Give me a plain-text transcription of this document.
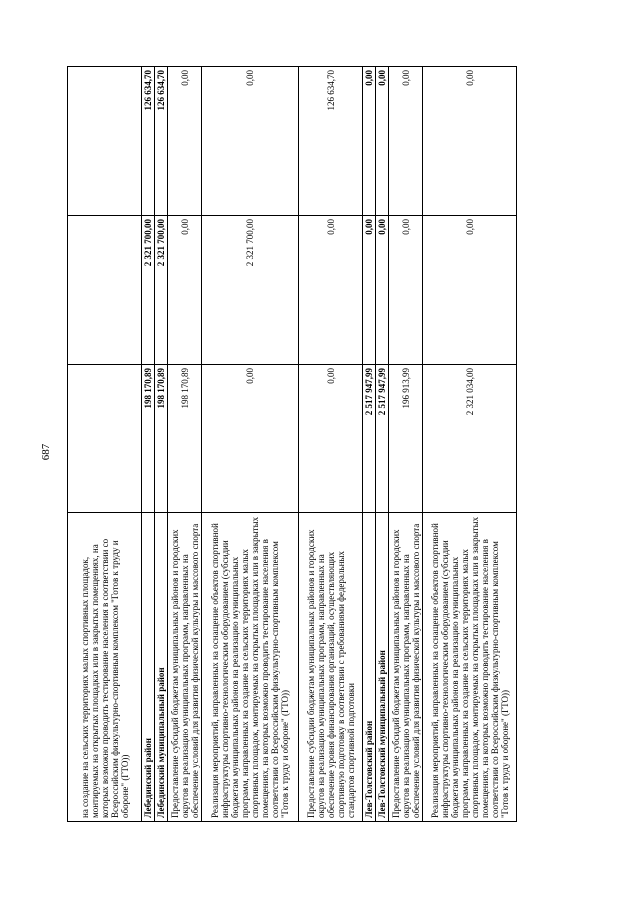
687
на создание на сельских территориях малых спортивных площадок, монтируемых на открытых площадках или в закрытых помещениях, на которых возможно проводить тестирование населения в соответствии со Всероссийским физкультурно-спортивным комплексом "Готов к труду и обороне" (ГТО))			
Лебединский район	198 170,89	2 321 700,00	126 634,70
Лебединский муниципальный район	198 170,89	2 321 700,00	126 634,70
Предоставление субсидий бюджетам муниципальных районов и городских округов на реализацию муниципальных программ, направленных на обеспечение условий для развития физической культуры и массового спорта	198 170,89	0,00	0,00
Реализация мероприятий, направленных на оснащение объектов спортивной инфраструктуры спортивно-технологическим оборудованием (субсидии бюджетам муниципальных районов на реализацию муниципальных программ, направленных на создание на сельских территориях малых спортивных площадок, монтируемых на открытых площадках или в закрытых помещениях, на которых возможно проводить тестирование населения в соответствии со Всероссийским физкультурно-спортивным комплексом "Готов к труду и обороне" (ГТО))	0,00	2 321 700,00	0,00
Предоставление субсидии бюджетам муниципальных районов и городских округов на реализацию муниципальных программ, направленных на обеспечение уровня финансирования организаций, осуществляющих спортивную подготовку в соответствии с требованиями федеральных стандартов спортивной подготовки	0,00	0,00	126 634,70
Лев-Толстовский район	2 517 947,99	0,00	0,00
Лев-Толстовский муниципальный район	2 517 947,99	0,00	0,00
Предоставление субсидий бюджетам муниципальных районов и городских округов на реализацию муниципальных программ, направленных на обеспечение условий для развития физической культуры и массового спорта	196 913,99	0,00	0,00
Реализация мероприятий, направленных на оснащение объектов спортивной инфраструктуры спортивно-технологическим оборудованием (субсидии бюджетам муниципальных районов на реализацию муниципальных программ, направленных на создание на сельских территориях малых спортивных площадок, монтируемых на открытых площадках или в закрытых помещениях, на которых возможно проводить тестирование населения в соответствии со Всероссийским физкультурно-спортивным комплексом "Готов к труду и обороне" (ГТО))	2 321 034,00	0,00	0,00
